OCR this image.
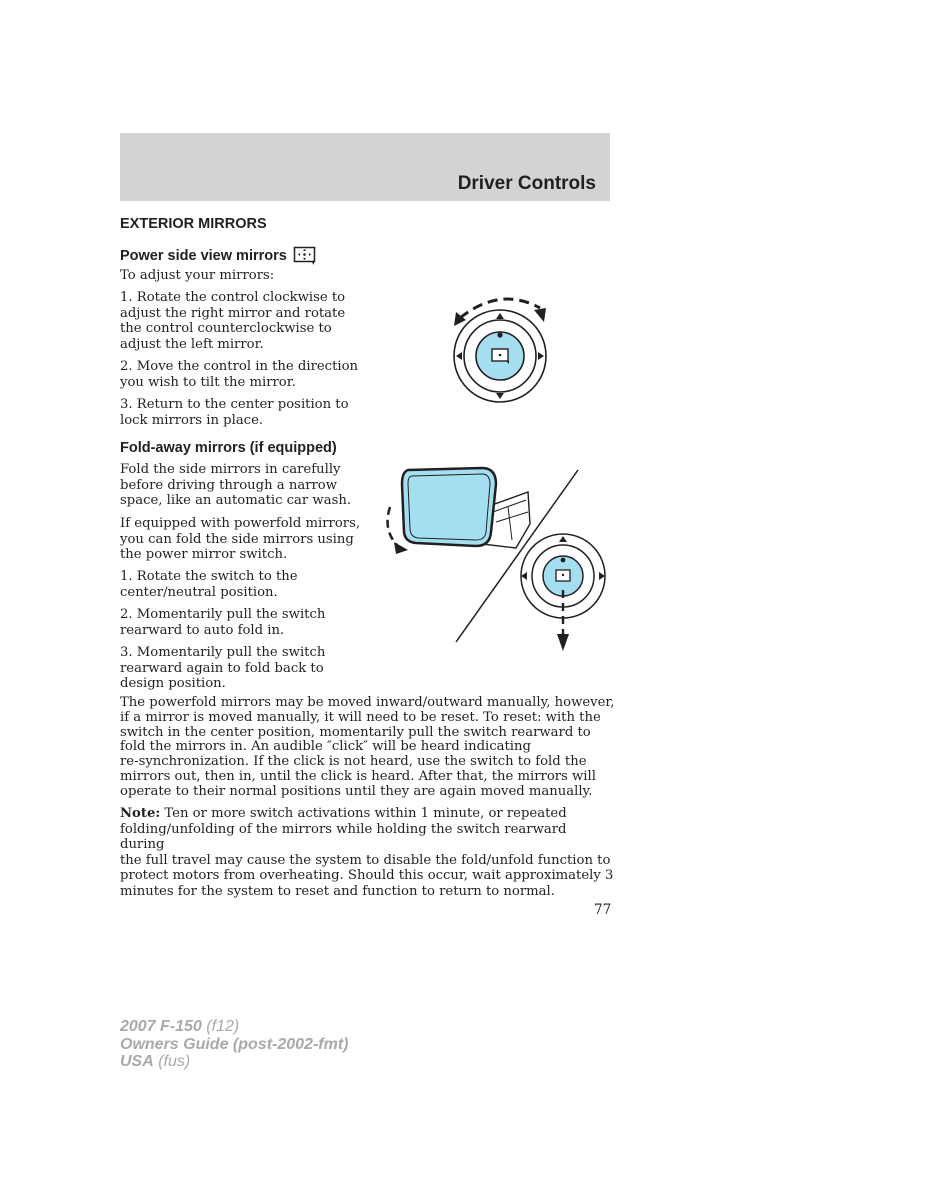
Driver Controls
EXTERIOR MIRRORS
Power side view mirrors

To adjust your mirrors:

1. Rotate the control clockwise to

adjust the right mirror and rotate

the control counterclockwise to

adjust the left mirror.

2. Move the control in the direction

you wish to tilt the mirror.

3. Return to the center position to

lock mirrors in place.

Fold-away mirrors (if equipped)

Fold the side mirrors in carefully

before driving through a narrow

space, like an automatic car wash.

If equipped with powerfold mirrors,

you can fold the side mirrors using

the power mirror switch.

1. Rotate the switch to the

center/neutral position.

2. Momentarily pull the switch

rearward to auto fold in.

3. Momentarily pull the switch

rearward again to fold back to

design position.

The powerfold mirrors may be moved inward/outward manually, however,

if a mirror is moved manually, it will need to be reset. To reset: with the

switch in the center position, momentarily pull the switch rearward to

fold the mirrors in. An audible ″click″ will be heard indicating

re-synchronization. If the click is not heard, use the switch to fold the

mirrors out, then in, until the click is heard. After that, the mirrors will

operate to their normal positions until they are again moved manually.

Note: Ten or more switch activations within 1 minute, or repeated

folding/unfolding of the mirrors while holding the switch rearward during

the full travel may cause the system to disable the fold/unfold function to

protect motors from overheating. Should this occur, wait approximately 3

minutes for the system to reset and function to return to normal.

77
2007 F-150 (f12)
Owners Guide (post-2002-fmt)
USA (fus)
